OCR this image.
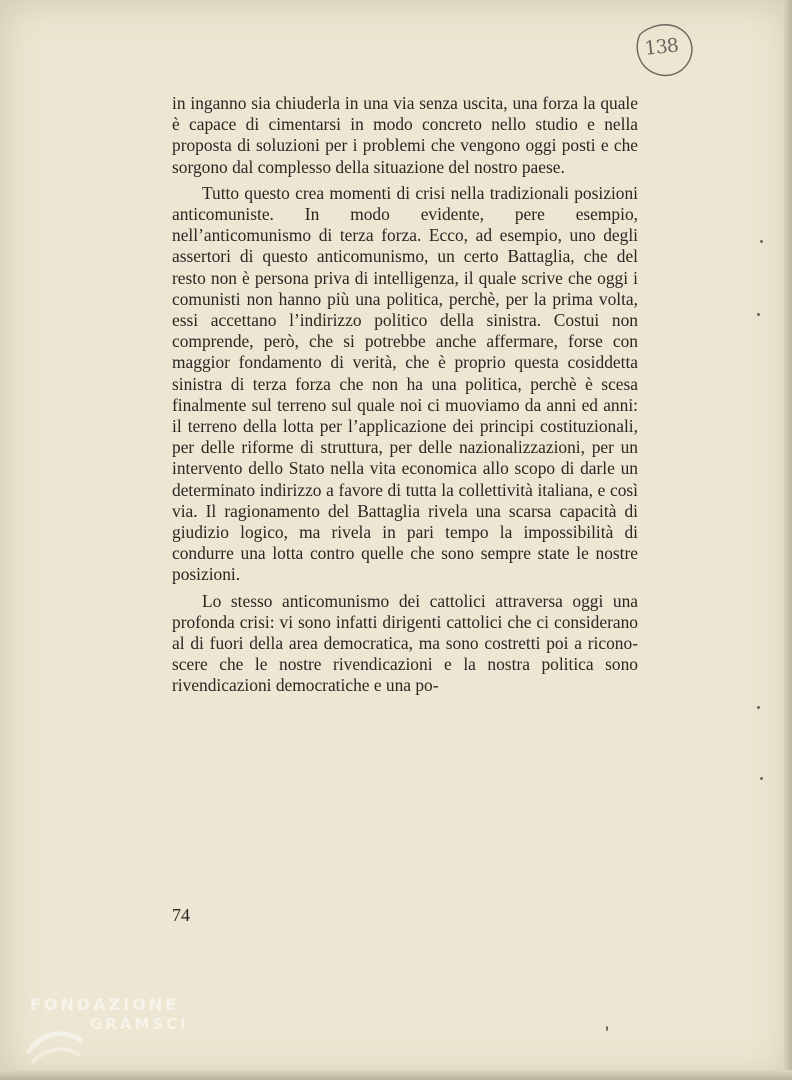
138

in inganno sia chiuderla in una via senza uscita, una forza la quale è capace di cimentarsi in modo concreto nello studio e nella proposta di soluzioni per i problemi che vengono oggi posti e che sorgono dal complesso della situazione del nostro paese.

Tutto questo crea momenti di crisi nella tradizionali posizioni anticomuniste. In modo evidente, pere esempio, nell’anticomunismo di terza forza. Ecco, ad esempio, uno degli assertori di questo anticomunismo, un certo Battaglia, che del resto non è persona priva di intelligenza, il quale scrive che oggi i comunisti non hanno più una politica, perchè, per la prima volta, essi accettano l’indirizzo politico della sinistra. Costui non comprende, però, che si potrebbe anche affermare, forse con maggior fondamento di verità, che è proprio questa cosiddetta sinistra di terza forza che non ha una politica, perchè è scesa finalmente sul terreno sul quale noi ci muoviamo da anni ed anni: il terreno della lotta per l’applicazione dei principi costituzionali, per delle riforme di struttura, per delle nazionalizzazioni, per un intervento dello Stato nella vita economica allo scopo di darle un determinato indirizzo a favore di tutta la collettività italiana, e così via. Il ragionamento del Battaglia rivela una scarsa capacità di giudizio logico, ma rivela in pari tempo la impossibilità di condurre una lotta contro quelle che sono sempre state le nostre posizioni.

Lo stesso anticomunismo dei cattolici attraversa oggi una profonda crisi: vi sono infatti dirigenti cattolici che ci considerano al di fuori della area democratica, ma sono costretti poi a riconoscere che le nostre rivendicazioni e la nostra politica sono rivendicazioni democratiche e una po-

74
FONDAZIONE
GRAMSCI
